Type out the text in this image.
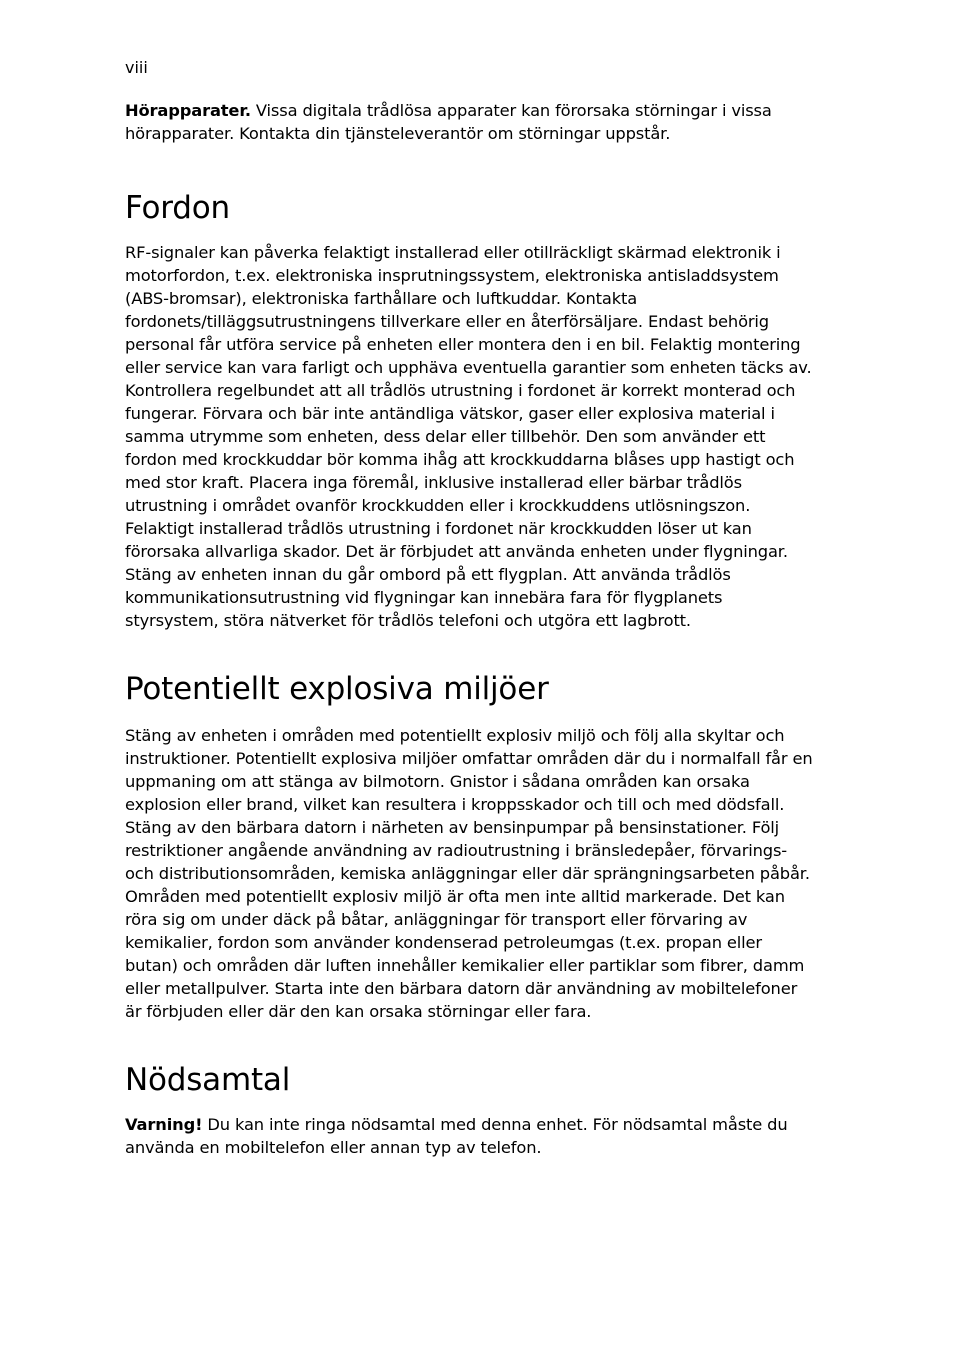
viii

Hörapparater. Vissa digitala trådlösa apparater kan förorsaka störningar i vissa hörapparater. Kontakta din tjänsteleverantör om störningar uppstår.

Fordon

RF-signaler kan påverka felaktigt installerad eller otillräckligt skärmad elektronik i motorfordon, t.ex. elektroniska insprutningssystem, elektroniska antisladdsystem (ABS-bromsar), elektroniska farthållare och luftkuddar. Kontakta fordonets/tilläggsutrustningens tillverkare eller en återförsäljare. Endast behörig personal får utföra service på enheten eller montera den i en bil. Felaktig montering eller service kan vara farligt och upphäva eventuella garantier som enheten täcks av. Kontrollera regelbundet att all trådlös utrustning i fordonet är korrekt monterad och fungerar. Förvara och bär inte antändliga vätskor, gaser eller explosiva material i samma utrymme som enheten, dess delar eller tillbehör. Den som använder ett fordon med krockkuddar bör komma ihåg att krockkuddarna blåses upp hastigt och med stor kraft. Placera inga föremål, inklusive installerad eller bärbar trådlös utrustning i området ovanför krockkudden eller i krockkuddens utlösningszon. Felaktigt installerad trådlös utrustning i fordonet när krockkudden löser ut kan förorsaka allvarliga skador. Det är förbjudet att använda enheten under flygningar. Stäng av enheten innan du går ombord på ett flygplan. Att använda trådlös kommunikationsutrustning vid flygningar kan innebära fara för flygplanets styrsystem, störa nätverket för trådlös telefoni och utgöra ett lagbrott.

Potentiellt explosiva miljöer

Stäng av enheten i områden med potentiellt explosiv miljö och följ alla skyltar och instruktioner. Potentiellt explosiva miljöer omfattar områden där du i normalfall får en uppmaning om att stänga av bilmotorn. Gnistor i sådana områden kan orsaka explosion eller brand, vilket kan resultera i kroppsskador och till och med dödsfall. Stäng av den bärbara datorn i närheten av bensinpumpar på bensinstationer. Följ restriktioner angående användning av radioutrustning i bränsledepåer, förvarings- och distributionsområden, kemiska anläggningar eller där sprängningsarbeten påbår. Områden med potentiellt explosiv miljö är ofta men inte alltid markerade. Det kan röra sig om under däck på båtar, anläggningar för transport eller förvaring av kemikalier, fordon som använder kondenserad petroleumgas (t.ex. propan eller butan) och områden där luften innehåller kemikalier eller partiklar som fibrer, damm eller metallpulver. Starta inte den bärbara datorn där användning av mobiltelefoner är förbjuden eller där den kan orsaka störningar eller fara.

Nödsamtal

Varning! Du kan inte ringa nödsamtal med denna enhet. För nödsamtal måste du använda en mobiltelefon eller annan typ av telefon.
